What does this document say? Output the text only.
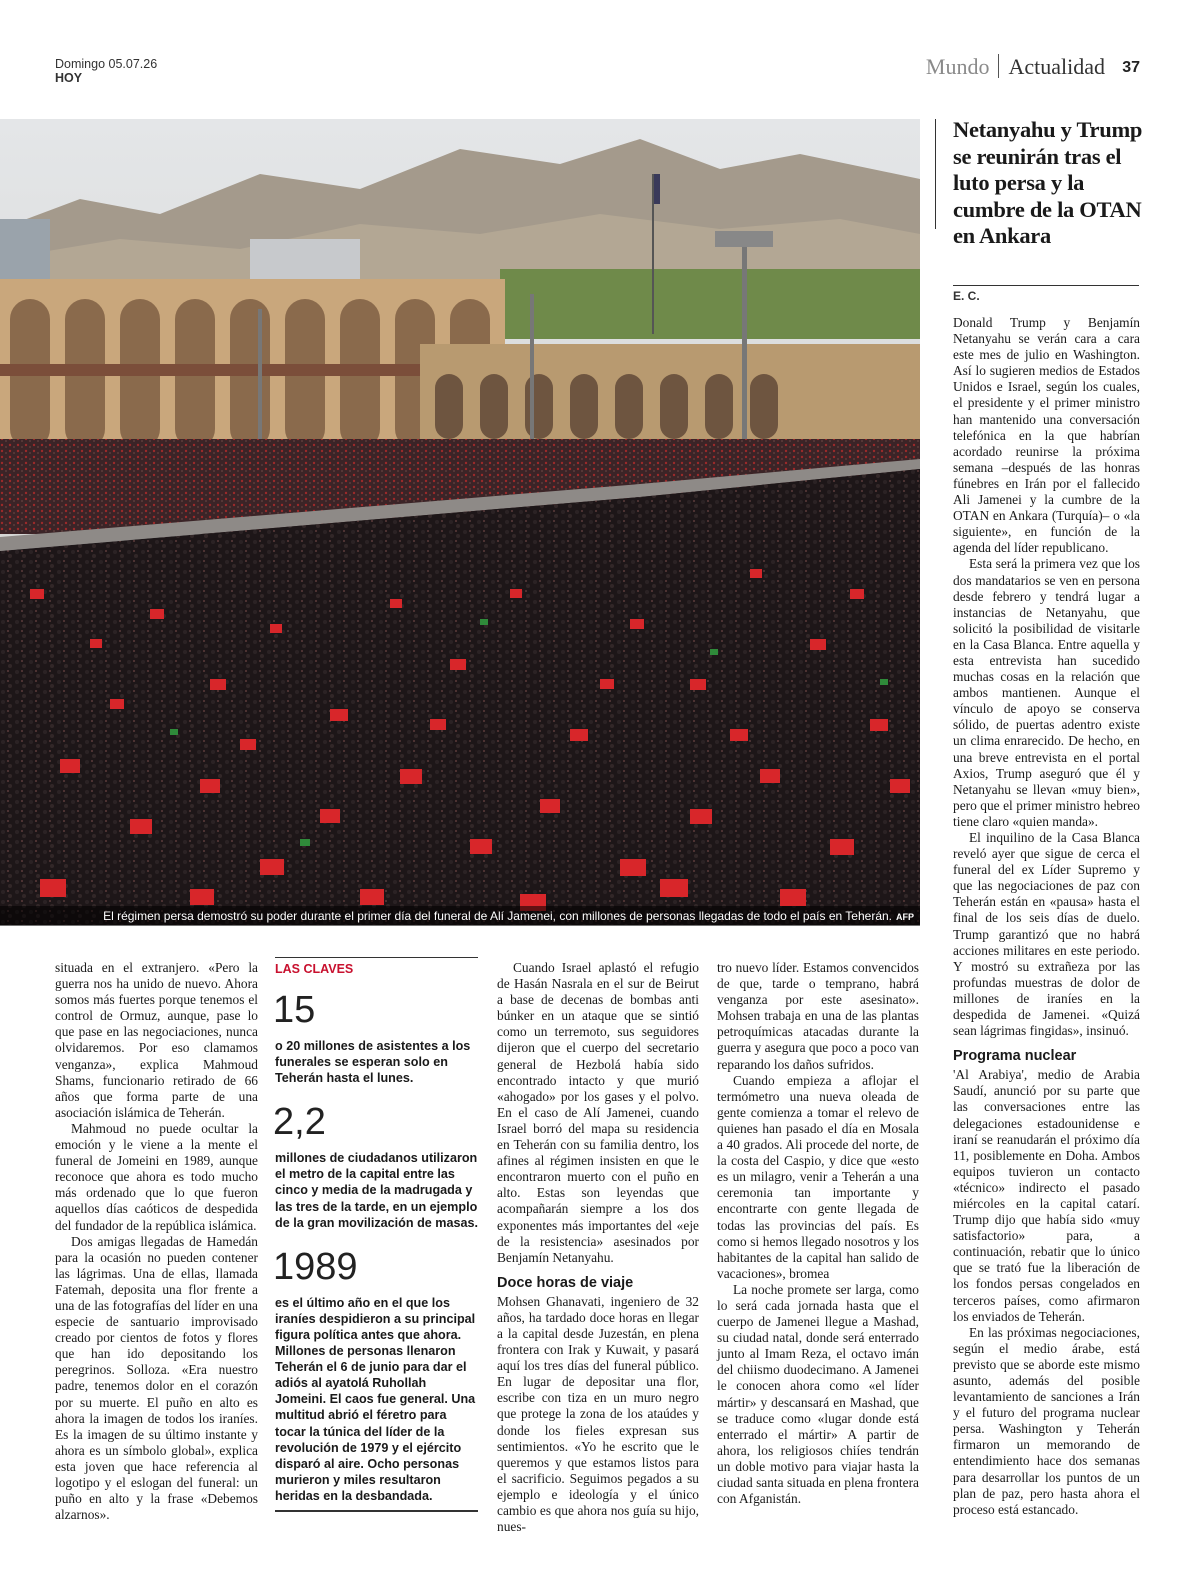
Domingo 05.07.26
HOY	Mundo Actualidad 37
El régimen persa demostró su poder durante el primer día del funeral de Alí Jamenei, con millones de personas llegadas de todo el país en Teherán. AFP
Netanyahu y Trump se reunirán tras el luto persa y la cumbre de la OTAN en Ankara
E. C.

Donald Trump y Benjamín Netanyahu se verán cara a cara este mes de julio en Washington. Así lo sugieren medios de Estados Unidos e Israel, según los cuales, el presidente y el primer ministro han mantenido una conversación telefónica en la que habrían acordado reunirse la próxima semana –después de las honras fúnebres en Irán por el fallecido Ali Jamenei y la cumbre de la OTAN en Ankara (Turquía)– o «la siguiente», en función de la agenda del líder republicano.

Esta será la primera vez que los dos mandatarios se ven en persona desde febrero y tendrá lugar a instancias de Netanyahu, que solicitó la posibilidad de visitarle en la Casa Blanca. Entre aquella y esta entrevista han sucedido muchas cosas en la relación que ambos mantienen. Aunque el vínculo de apoyo se conserva sólido, de puertas adentro existe un clima enrarecido. De hecho, en una breve entrevista en el portal Axios, Trump aseguró que él y Netanyahu se llevan «muy bien», pero que el primer ministro hebreo tiene claro «quien manda».

El inquilino de la Casa Blanca reveló ayer que sigue de cerca el funeral del ex Líder Supremo y que las negociaciones de paz con Teherán están en «pausa» hasta el final de los seis días de duelo. Trump garantizó que no habrá acciones militares en este periodo. Y mostró su extrañeza por las profundas muestras de dolor de millones de iraníes en la despedida de Jamenei. «Quizá sean lágrimas fingidas», insinuó.

Programa nuclear

'Al Arabiya', medio de Arabia Saudí, anunció por su parte que las conversaciones entre las delegaciones estadounidense e iraní se reanudarán el próximo día 11, posiblemente en Doha. Ambos equipos tuvieron un contacto «técnico» indirecto el pasado miércoles en la capital catarí. Trump dijo que había sido «muy satisfactorio» para, a continuación, rebatir que lo único que se trató fue la liberación de los fondos persas congelados en terceros países, como afirmaron los enviados de Teherán.

En las próximas negociaciones, según el medio árabe, está previsto que se aborde este mismo asunto, además del posible levantamiento de sanciones a Irán y el futuro del programa nuclear persa. Washington y Teherán firmaron un memorando de entendimiento hace dos semanas para desarrollar los puntos de un plan de paz, pero hasta ahora el proceso está estancado.

situada en el extranjero. «Pero la guerra nos ha unido de nuevo. Ahora somos más fuertes porque tenemos el control de Ormuz, aunque, pase lo que pase en las negociaciones, nunca olvidaremos. Por eso clamamos venganza», explica Mahmoud Shams, funcionario retirado de 66 años que forma parte de una asociación islámica de Teherán.

Mahmoud no puede ocultar la emoción y le viene a la mente el funeral de Jomeini en 1989, aunque reconoce que ahora es todo mucho más ordenado que lo que fueron aquellos días caóticos de despedida del fundador de la república islámica.

Dos amigas llegadas de Hamedán para la ocasión no pueden contener las lágrimas. Una de ellas, llamada Fatemah, deposita una flor frente a una de las fotografías del líder en una especie de santuario improvisado creado por cientos de fotos y flores que han ido depositando los peregrinos. Solloza. «Era nuestro padre, tenemos dolor en el corazón por su muerte. El puño en alto es ahora la imagen de todos los iraníes. Es la imagen de su último instante y ahora es un símbolo global», explica esta joven que hace referencia al logotipo y el eslogan del funeral: un puño en alto y la frase «Debemos alzarnos».

LAS CLAVES
15
o 20 millones de asistentes a los funerales se esperan solo en Teherán hasta el lunes.
2,2
millones de ciudadanos utilizaron el metro de la capital entre las cinco y media de la madrugada y las tres de la tarde, en un ejemplo de la gran movilización de masas.
1989
es el último año en el que los iraníes despidieron a su principal figura política antes que ahora. Millones de personas llenaron Teherán el 6 de junio para dar el adiós al ayatolá Ruhollah Jomeini. El caos fue general. Una multitud abrió el féretro para tocar la túnica del líder de la revolución de 1979 y el ejército disparó al aire. Ocho personas murieron y miles resultaron heridas en la desbandada.

Cuando Israel aplastó el refugio de Hasán Nasrala en el sur de Beirut a base de decenas de bombas anti búnker en un ataque que se sintió como un terremoto, sus seguidores dijeron que el cuerpo del secretario general de Hezbolá había sido encontrado intacto y que murió «ahogado» por los gases y el polvo. En el caso de Alí Jamenei, cuando Israel borró del mapa su residencia en Teherán con su familia dentro, los afines al régimen insisten en que le encontraron muerto con el puño en alto. Estas son leyendas que acompañarán siempre a los dos exponentes más importantes del «eje de la resistencia» asesinados por Benjamín Netanyahu.

Doce horas de viaje

Mohsen Ghanavati, ingeniero de 32 años, ha tardado doce horas en llegar a la capital desde Juzestán, en plena frontera con Irak y Kuwait, y pasará aquí los tres días del funeral público. En lugar de depositar una flor, escribe con tiza en un muro negro que protege la zona de los ataúdes y donde los fieles expresan sus sentimientos. «Yo he escrito que le queremos y que estamos listos para el sacrificio. Seguimos pegados a su ejemplo e ideología y el único cambio es que ahora nos guía su hijo, nues-

tro nuevo líder. Estamos convencidos de que, tarde o temprano, habrá venganza por este asesinato». Mohsen trabaja en una de las plantas petroquímicas atacadas durante la guerra y asegura que poco a poco van reparando los daños sufridos.

Cuando empieza a aflojar el termómetro una nueva oleada de gente comienza a tomar el relevo de quienes han pasado el día en Mosala a 40 grados. Ali procede del norte, de la costa del Caspio, y dice que «esto es un milagro, venir a Teherán a una ceremonia tan importante y encontrarte con gente llegada de todas las provincias del país. Es como si hemos llegado nosotros y los habitantes de la capital han salido de vacaciones», bromea

La noche promete ser larga, como lo será cada jornada hasta que el cuerpo de Jamenei llegue a Mashad, su ciudad natal, donde será enterrado junto al Imam Reza, el octavo imán del chiismo duodecimano. A Jamenei le conocen ahora como «el líder mártir» y descansará en Mashad, que se traduce como «lugar donde está enterrado el mártir» A partir de ahora, los religiosos chiíes tendrán un doble motivo para viajar hasta la ciudad santa situada en plena frontera con Afganistán.
